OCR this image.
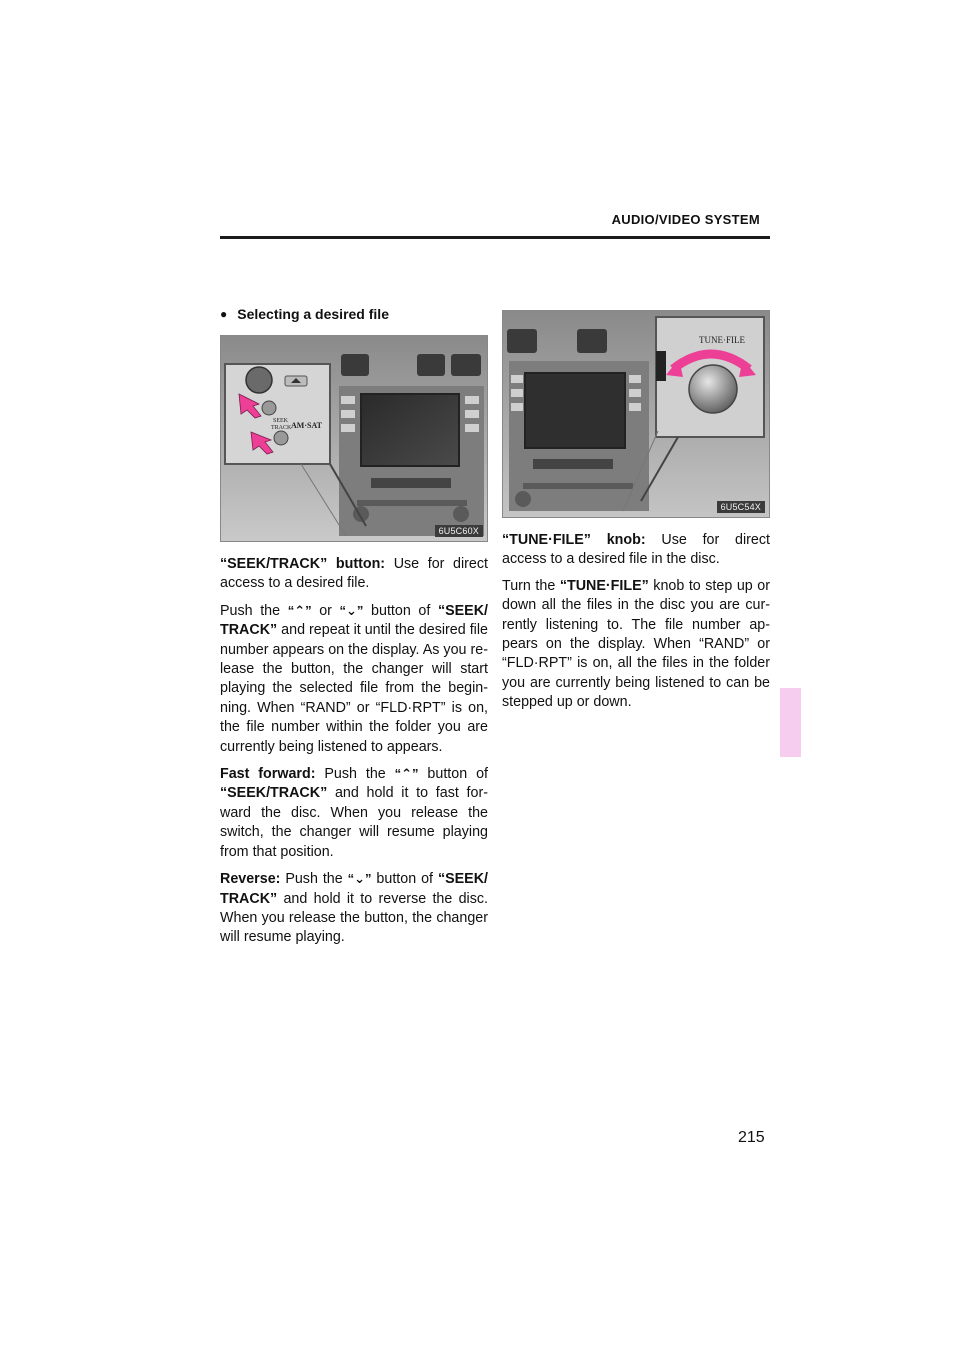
AUDIO/VIDEO SYSTEM
● Selecting a desired file
SEEK TRACK AM·SAT
6U5C60X

“SEEK/TRACK” button: Use for direct access to a desired file.

Push the “⌃” or “⌄” button of “SEEK/ TRACK” and repeat it until the desired file number appears on the display. As you re-lease the button, the changer will start playing the selected file from the begin-ning. When “RAND” or “FLD·RPT” is on, the file number within the folder you are currently being listened to appears.

Fast forward: Push the “⌃” button of “SEEK/TRACK” and hold it to fast for-ward the disc. When you release the switch, the changer will resume playing from that position.

Reverse: Push the “⌄” button of “SEEK/ TRACK” and hold it to reverse the disc. When you release the button, the changer will resume playing.

TUNE·FILE
6U5C54X

“TUNE·FILE” knob: Use for direct access to a desired file in the disc.

Turn the “TUNE·FILE” knob to step up or down all the files in the disc you are cur-rently listening to. The file number ap-pears on the display. When “RAND” or “FLD·RPT” is on, all the files in the folder you are currently being listened to can be stepped up or down.

215
